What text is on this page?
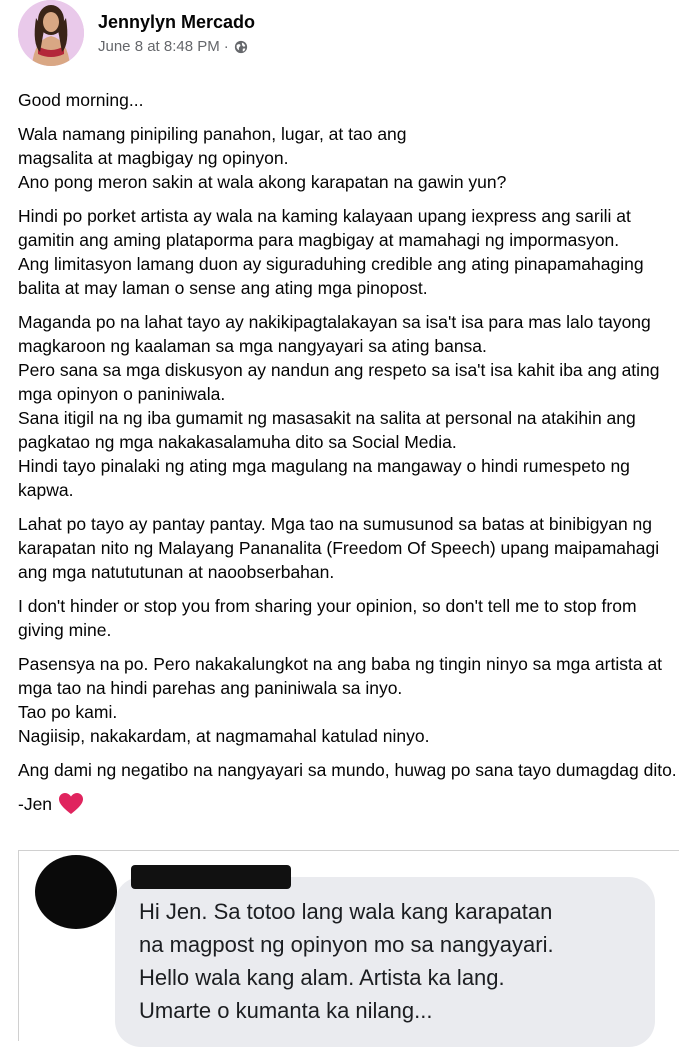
Jennylyn Mercado
June 8 at 8:48 PM ·

Good morning...

Wala namang pinipiling panahon, lugar, at tao ang
magsalita at magbigay ng opinyon.
Ano pong meron sakin at wala akong karapatan na gawin yun?

Hindi po porket artista ay wala na kaming kalayaan upang iexpress ang sarili at gamitin ang aming plataporma para magbigay at mamahagi ng impormasyon.
Ang limitasyon lamang duon ay siguraduhing credible ang ating pinapamahaging balita at may laman o sense ang ating mga pinopost.

Maganda po na lahat tayo ay nakikipagtalakayan sa isa't isa para mas lalo tayong magkaroon ng kaalaman sa mga nangyayari sa ating bansa.
Pero sana sa mga diskusyon ay nandun ang respeto sa isa't isa kahit iba ang ating mga opinyon o paniniwala.
Sana itigil na ng iba gumamit ng masasakit na salita at personal na atakihin ang pagkatao ng mga nakakasalamuha dito sa Social Media.
Hindi tayo pinalaki ng ating mga magulang na mangaway o hindi rumespeto ng kapwa.

Lahat po tayo ay pantay pantay. Mga tao na sumusunod sa batas at binibigyan ng karapatan nito ng Malayang Pananalita (Freedom Of Speech) upang maipamahagi ang mga natututunan at naoobserbahan.

I don't hinder or stop you from sharing your opinion, so don't tell me to stop from giving mine.

Pasensya na po. Pero nakakalungkot na ang baba ng tingin ninyo sa mga artista at mga tao na hindi parehas ang paniniwala sa inyo.
Tao po kami.
Nagiisip, nakakardam, at nagmamahal katulad ninyo.

Ang dami ng negatibo na nangyayari sa mundo, huwag po sana tayo dumagdag dito.

-Jen
Hi Jen. Sa totoo lang wala kang karapatan
na magpost ng opinyon mo sa nangyayari.
Hello wala kang alam. Artista ka lang.
Umarte o kumanta ka nilang...
